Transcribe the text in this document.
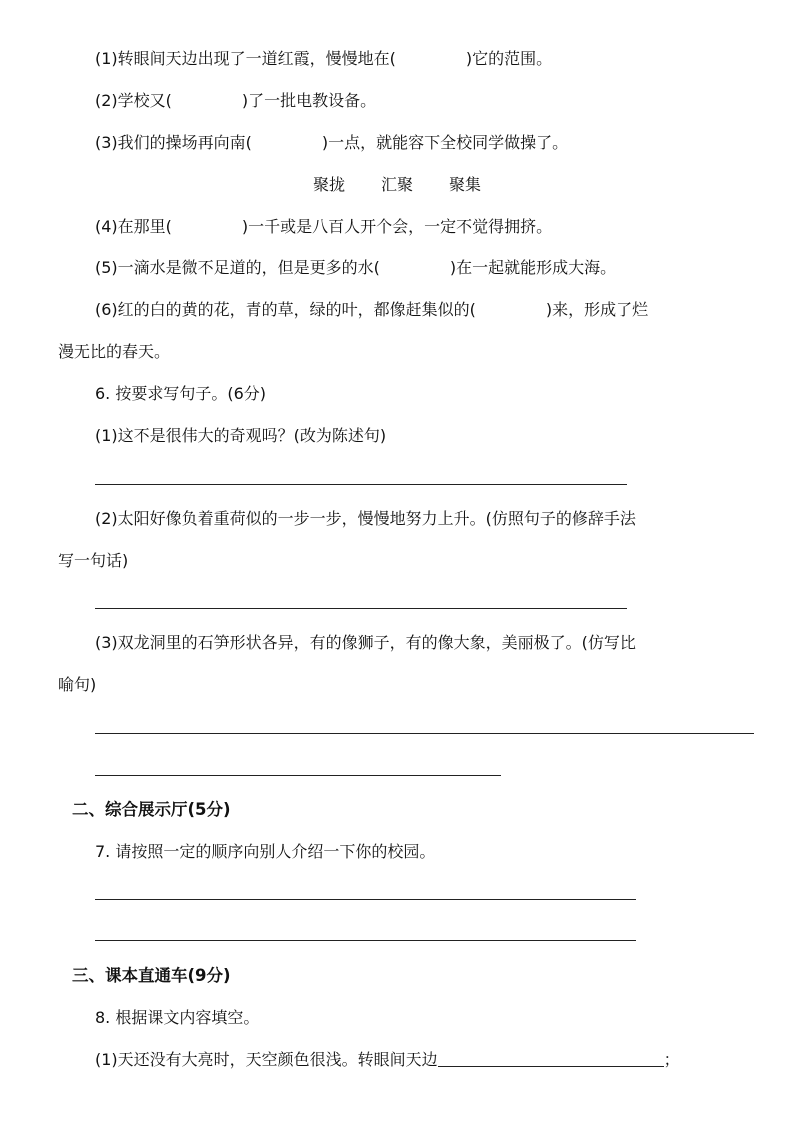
(1)转眼间天边出现了一道红霞，慢慢地在(	)它的范围。
(2)学校又(	)了一批电教设备。
(3)我们的操场再向南(	)一点，就能容下全校同学做操了。
聚拢 汇聚 聚集
(4)在那里(	)一千或是八百人开个会，一定不觉得拥挤。
(5)一滴水是微不足道的，但是更多的水(	)在一起就能形成大海。
(6)红的白的黄的花，青的草，绿的叶，都像赶集似的(	)来，形成了烂
漫无比的春天。
6. 按要求写句子。(6分)
(1)这不是很伟大的奇观吗？(改为陈述句)
(2)太阳好像负着重荷似的一步一步，慢慢地努力上升。(仿照句子的修辞手法
写一句话)
(3)双龙洞里的石笋形状各异，有的像狮子，有的像大象，美丽极了。(仿写比
喻句)
二、综合展示厅(5分)
7. 请按照一定的顺序向别人介绍一下你的校园。
三、课本直通车(9分)
8. 根据课文内容填空。
(1)天还没有大亮时，天空颜色很浅。转眼间天边	；
